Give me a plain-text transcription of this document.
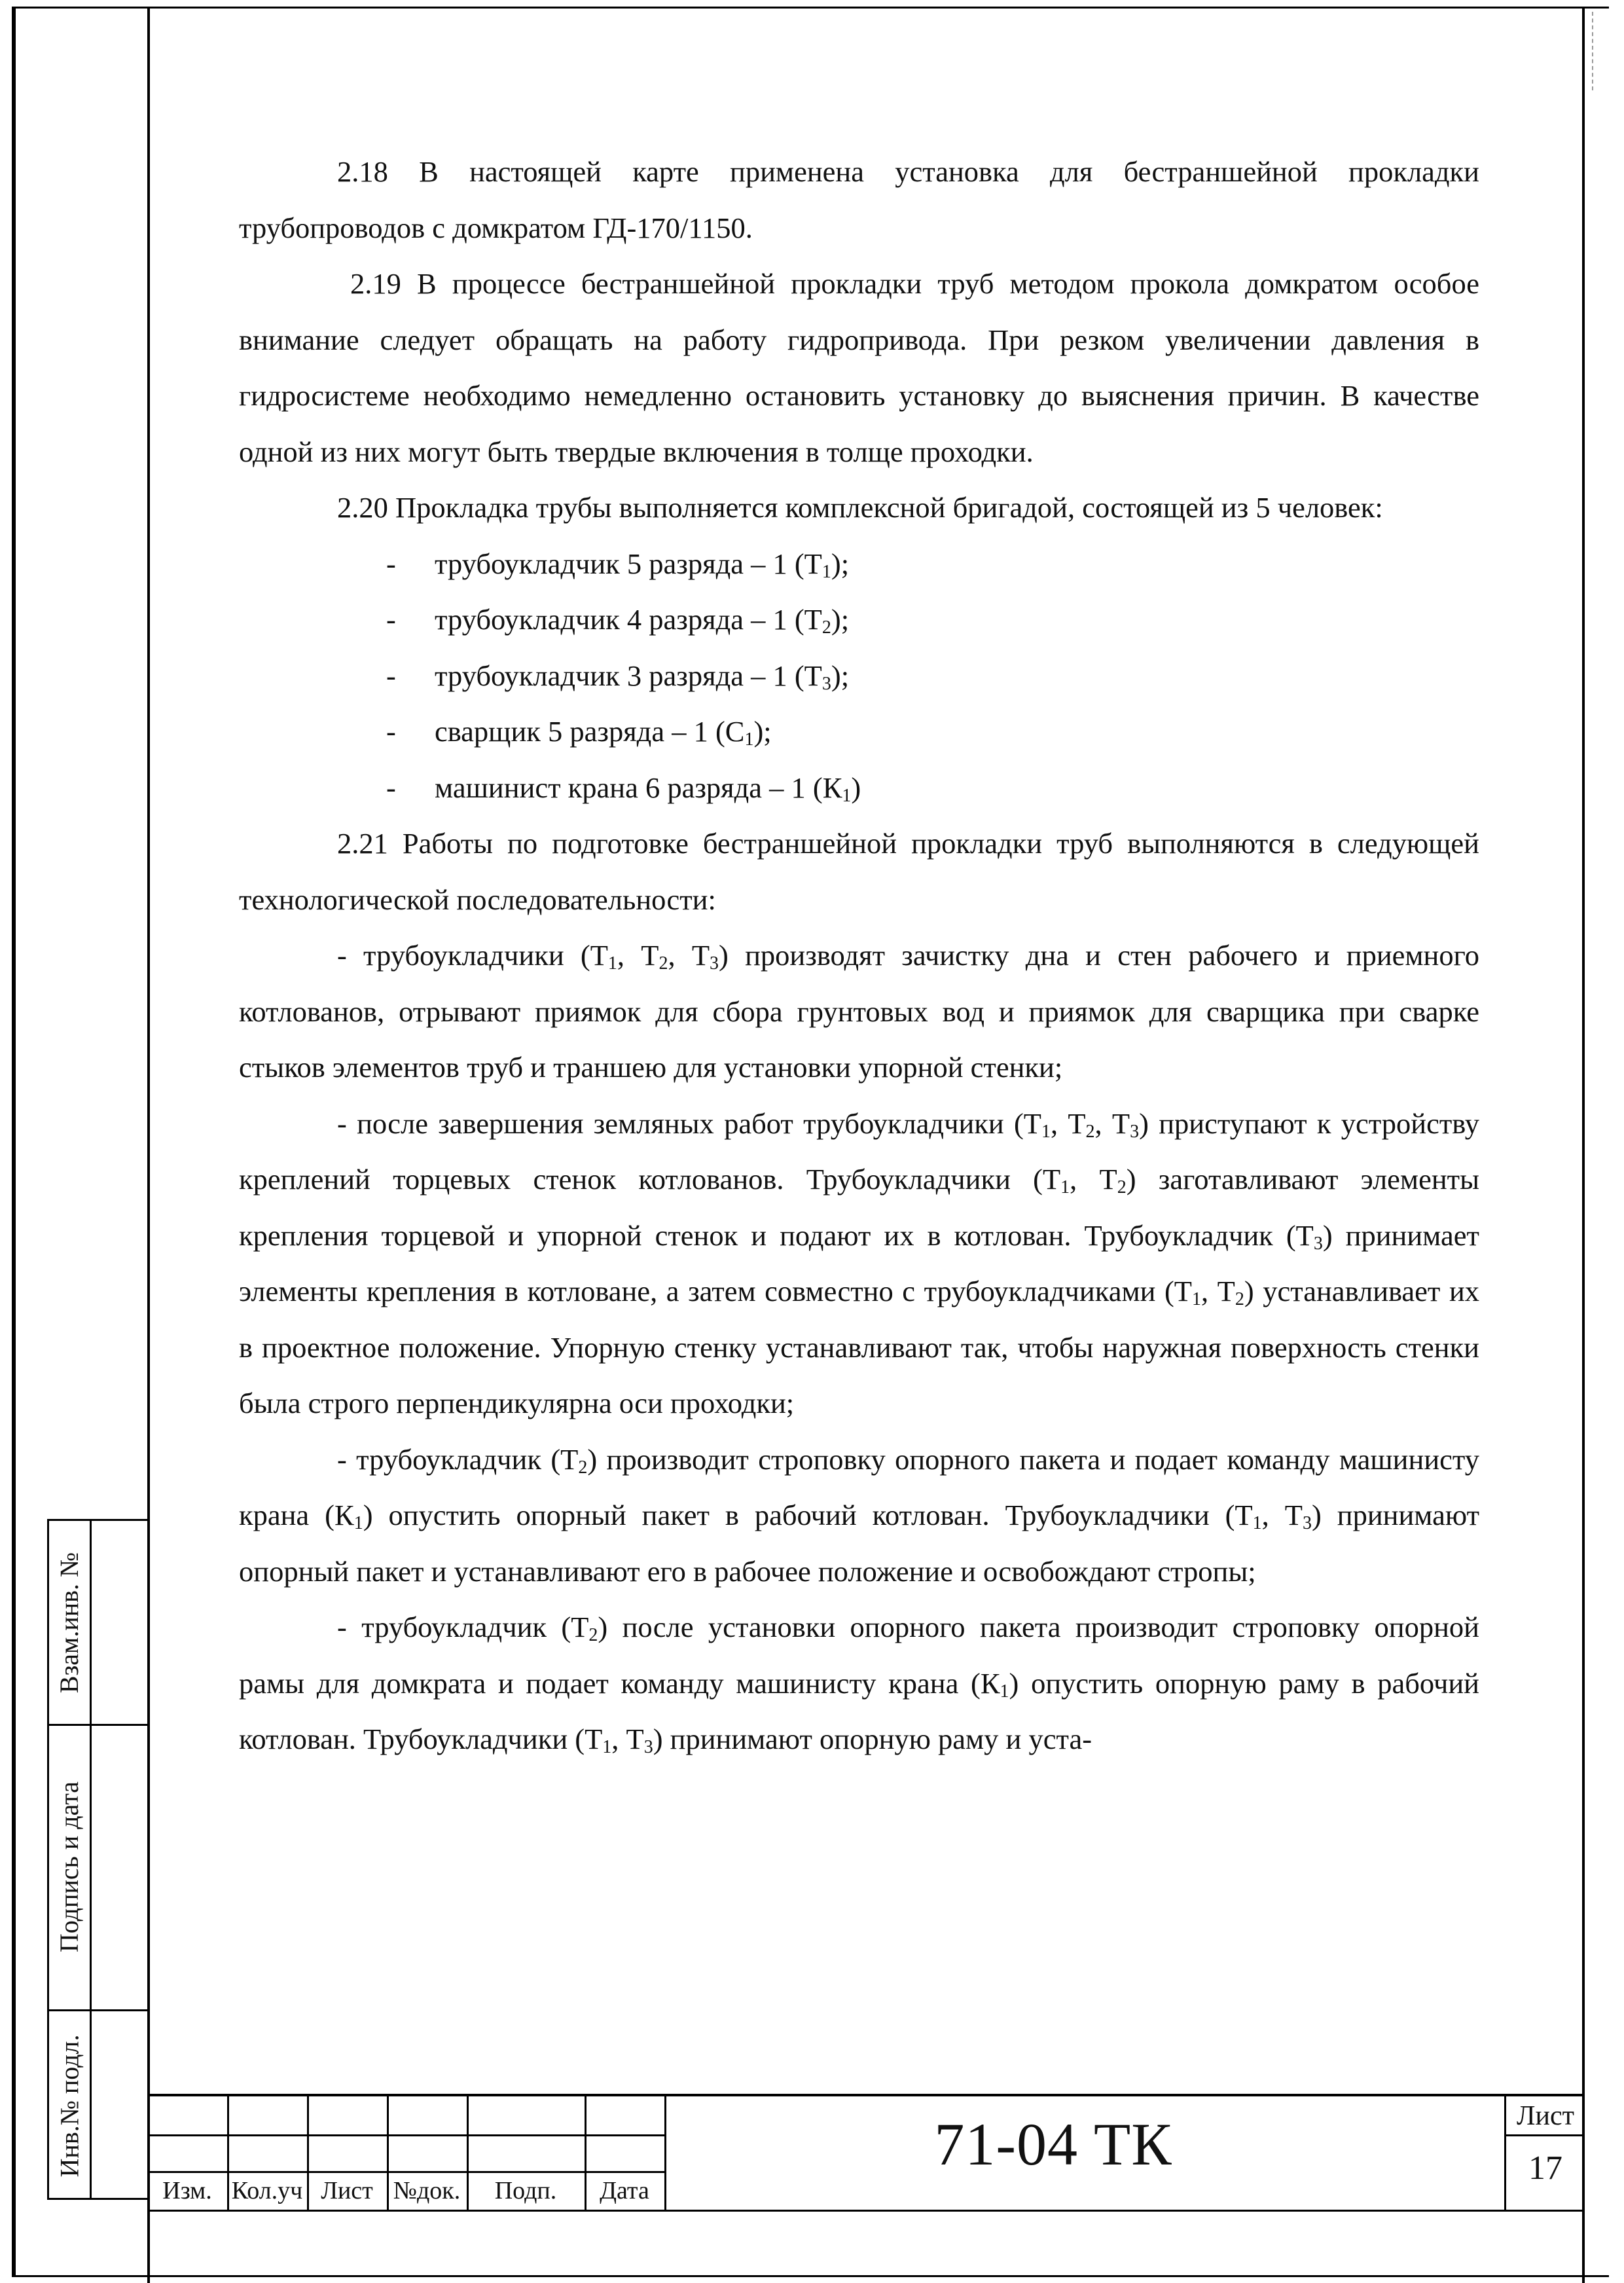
Взам.инв. №
Подпись и дата
Инв.№ подл.

2.18 В настоящей карте применена установка для бестраншейной прокладки трубопроводов с домкратом ГД-170/1150.

2.19 В процессе бестраншейной прокладки труб методом прокола домкратом особое внимание следует обращать на работу гидропривода. При резком увеличении давления в гидросистеме необходимо немедленно остановить установку до выяснения причин. В качестве одной из них могут быть твердые включения в толще проходки.

2.20 Прокладка трубы выполняется комплексной бригадой, состоящей из 5 человек:

-	трубоукладчик 5 разряда – 1 $(Т_1)$;
-	трубоукладчик 4 разряда – 1 $(Т_2)$;
-	трубоукладчик 3 разряда – 1 $(Т_3)$;
-	сварщик 5 разряда – 1 $(С_1)$;
-	машинист крана 6 разряда – 1 $(К_1)$

2.21 Работы по подготовке бестраншейной прокладки труб выполняются в следующей технологической последовательности:

- трубоукладчики ($Т_1$, $Т_2$, $Т_3$) производят зачистку дна и стен рабочего и приемного котлованов, отрывают приямок для сбора грунтовых вод и приямок для сварщика при сварке стыков элементов труб и траншею для установки упорной стенки;

- после завершения земляных работ трубоукладчики ($Т_1$, $Т_2$, $Т_3$) приступают к устройству креплений торцевых стенок котлованов. Трубоукладчики ($Т_1$, $Т_2$) заготавливают элементы крепления торцевой и упорной стенок и подают их в котлован. Трубоукладчик $(Т_3)$ принимает элементы крепления в котловане, а затем совместно с трубоукладчиками ($Т_1$, $Т_2$) устанавливает их в проектное положение. Упорную стенку устанавливают так, чтобы наружная поверхность стенки была строго перпендикулярна оси проходки;

- трубоукладчик $(Т_2)$ производит строповку опорного пакета и подает команду машинисту крана $(К_1)$ опустить опорный пакет в рабочий котлован. Трубоукладчики ($Т_1$, $Т_3$) принимают опорный пакет и устанавливают его в рабочее положение и освобождают стропы;

- трубоукладчик $(Т_2)$ после установки опорного пакета производит строповку опорной рамы для домкрата и подает команду машинисту крана $(К_1)$ опустить опорную раму в рабочий котлован. Трубоукладчики ($Т_1$, $Т_3$) принимают опорную раму и уста-

Изм. Кол.уч Лист №док.	Подп.	Дата
71-04 ТК	Лист
17
